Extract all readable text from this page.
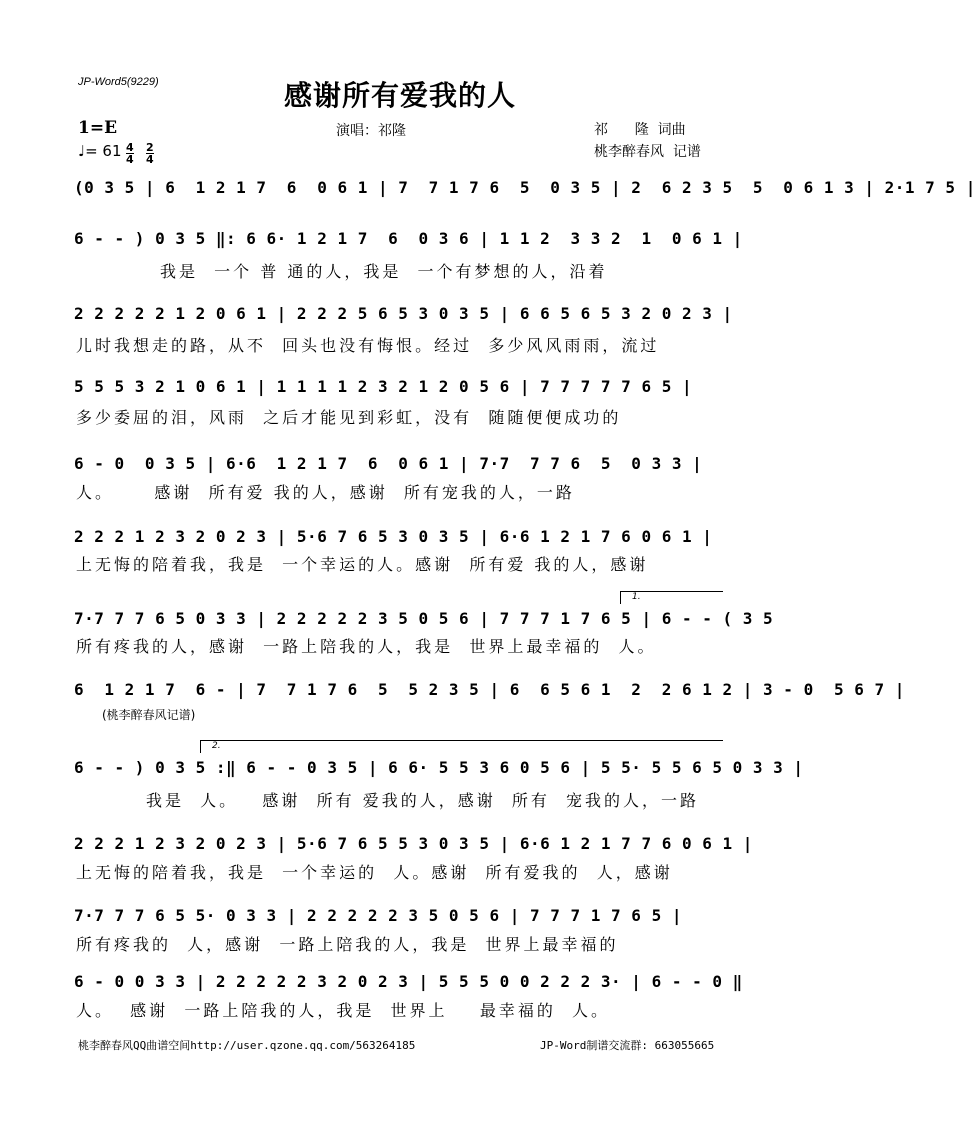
JP-Word5(9229)	感谢所有爱我的人
1=E

4
4

2
4

♩= 61
演唱：祁隆	祁      隆  词曲
桃李醉春风  记谱
(0 3 5 | 6  1 2 1 7  6  0 6 1 | 7  7 1 7 6  5  0 3 5 | 2  6 2 3 5  5  0 6 1 3 | 2·1 7 5 |
6 - - ) 0 3 5 ‖: 6 6· 1 2 1 7  6  0 3 6 | 1 1 2  3 3 2  1  0 6 1 |
我是  一个 普 通的人，我是  一个有梦想的人，沿着
2 2 2 2 2 1 2 0 6 1 | 2 2 2 5 6 5 3 0 3 5 | 6 6 5 6 5 3 2 0 2 3 |
儿时我想走的路，从不  回头也没有悔恨。经过  多少风风雨雨，流过
5 5 5 3 2 1 0 6 1 | 1 1 1 1 2 3 2 1 2 0 5 6 | 7 7 7 7 7 6 5 |
多少委屈的泪，风雨  之后才能见到彩虹，没有  随随便便成功的
6 - 0  0 3 5 | 6·6  1 2 1 7  6  0 6 1 | 7·7  7 7 6  5  0 3 3 |
人。     感谢  所有爱 我的人，感谢  所有宠我的人，一路
2 2 2 1 2 3 2 0 2 3 | 5·6 7 6 5 3 0 3 5 | 6·6 1 2 1 7 6 0 6 1 |
上无悔的陪着我，我是  一个幸运的人。感谢  所有爱 我的人，感谢
1.
7·7 7 7 6 5 0 3 3 | 2 2 2 2 2 3 5 0 5 6 | 7 7 7 1 7 6 5 | 6 - - ( 3 5
所有疼我的人，感谢  一路上陪我的人，我是  世界上最幸福的  人。
6  1 2 1 7  6 - | 7  7 1 7 6  5  5 2 3 5 | 6  6 5 6 1  2  2 6 1 2 | 3 - 0  5 6 7 |
(桃李醉春风记谱)
2.
6 - - ) 0 3 5 :‖ 6 - - 0 3 5 | 6 6· 5 5 3 6 0 5 6 | 5 5· 5 5 6 5 0 3 3 |
我是  人。   感谢  所有 爱我的人，感谢  所有  宠我的人，一路
2 2 2 1 2 3 2 0 2 3 | 5·6 7 6 5 5 3 0 3 5 | 6·6 1 2 1 7 7 6 0 6 1 |
上无悔的陪着我，我是  一个幸运的  人。感谢  所有爱我的  人，感谢
7·7 7 7 6 5 5· 0 3 3 | 2 2 2 2 2 3 5 0 5 6 | 7 7 7 1 7 6 5 |
所有疼我的  人，感谢  一路上陪我的人，我是  世界上最幸福的
6 - 0 0 3 3 | 2 2 2 2 2 3 2 0 2 3 | 5 5 5 0 0 2 2 2 3· | 6 - - 0 ‖
人。  感谢  一路上陪我的人，我是  世界上    最幸福的  人。
桃李醉春风QQ曲谱空间http://user.qzone.qq.com/563264185	JP-Word制谱交流群: 663055665
